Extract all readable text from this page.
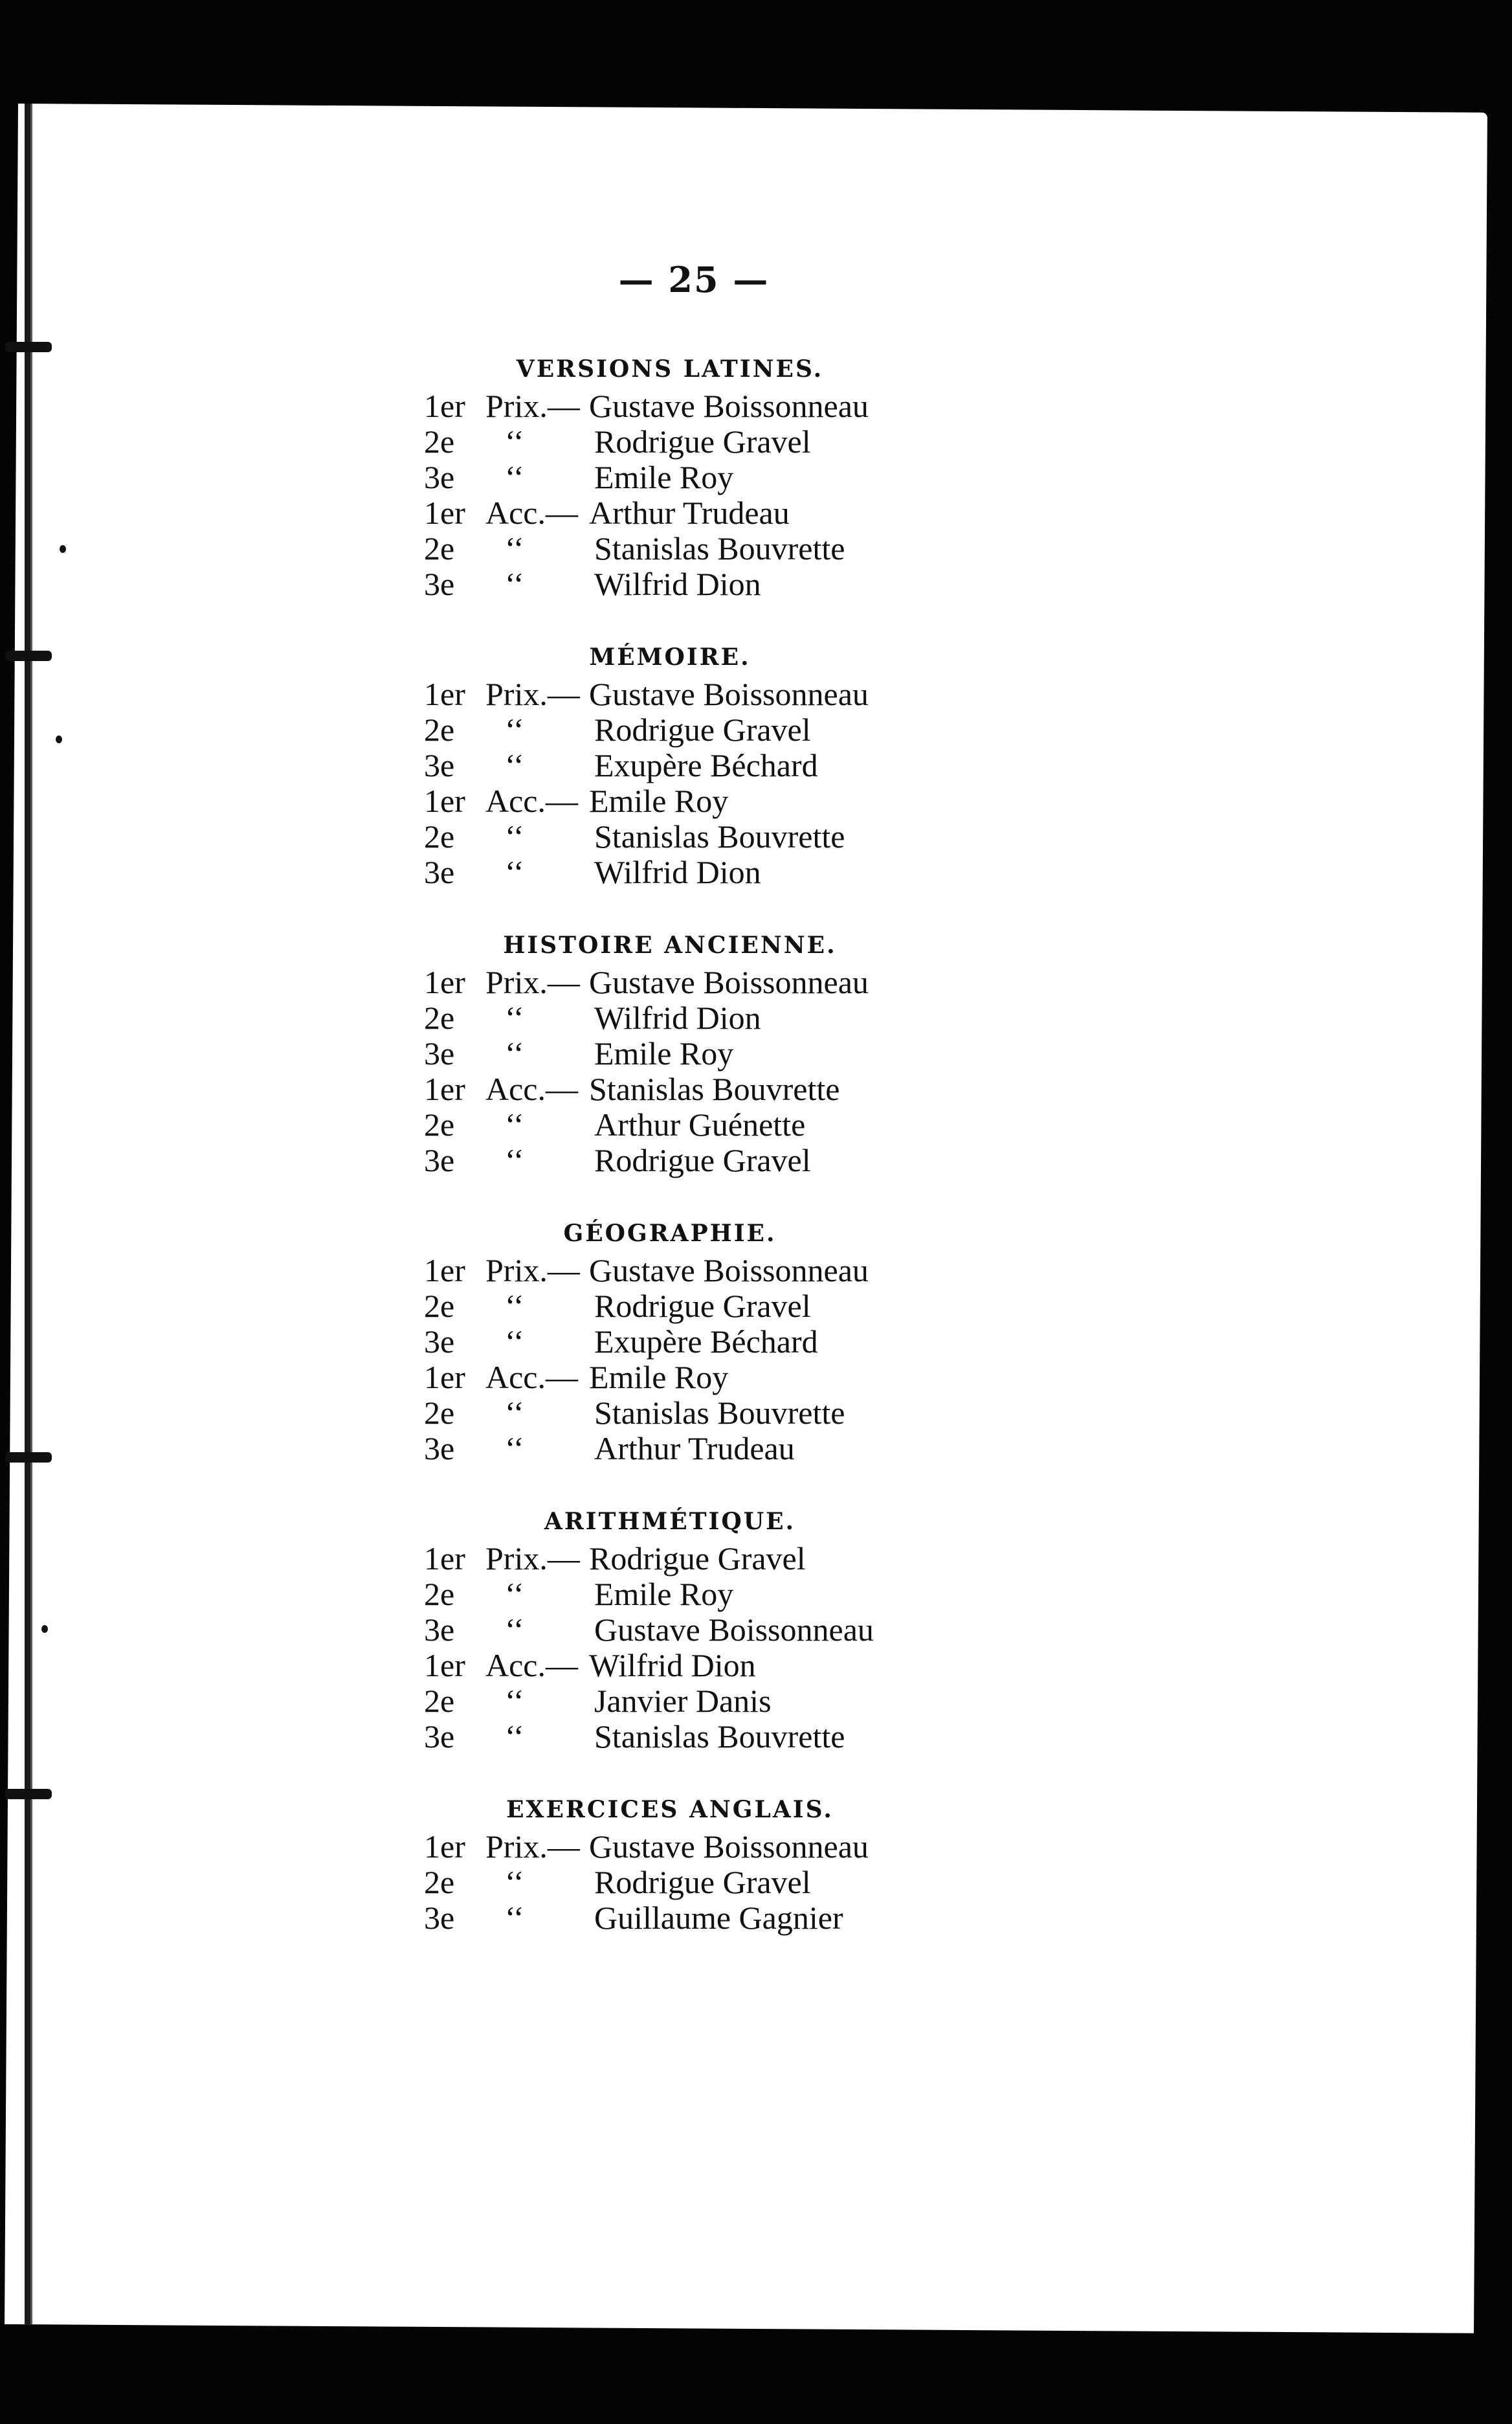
— 25 —
VERSIONS LATINES.
1er Prix.— Gustave Boissonneau
2e	‘‘	Rodrigue Gravel
3e	‘‘	Emile Roy
1er Acc.— Arthur Trudeau
2e	‘‘	Stanislas Bouvrette
3e	‘‘	Wilfrid Dion
MÉMOIRE.
1er Prix.— Gustave Boissonneau
2e	‘‘	Rodrigue Gravel
3e	‘‘	Exupère Béchard
1er Acc.— Emile Roy
2e	‘‘	Stanislas Bouvrette
3e	‘‘	Wilfrid Dion
HISTOIRE ANCIENNE.
1er Prix.— Gustave Boissonneau
2e	‘‘	Wilfrid Dion
3e	‘‘	Emile Roy
1er Acc.— Stanislas Bouvrette
2e	‘‘	Arthur Guénette
3e	‘‘	Rodrigue Gravel
GÉOGRAPHIE.
1er Prix.— Gustave Boissonneau
2e	‘‘	Rodrigue Gravel
3e	‘‘	Exupère Béchard
1er Acc.— Emile Roy
2e	‘‘	Stanislas Bouvrette
3e	‘‘	Arthur Trudeau
ARITHMÉTIQUE.
1er Prix.— Rodrigue Gravel
2e	‘‘	Emile Roy
3e	‘‘	Gustave Boissonneau
1er Acc.— Wilfrid Dion
2e	‘‘	Janvier Danis
3e	‘‘	Stanislas Bouvrette
EXERCICES ANGLAIS.
1er Prix.— Gustave Boissonneau
2e	‘‘	Rodrigue Gravel
3e	‘‘	Guillaume Gagnier
